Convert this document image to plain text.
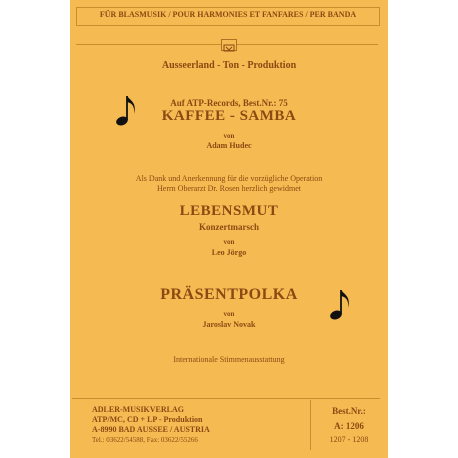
FÜR BLASMUSIK / POUR HARMONIES ET FANFARES / PER BANDA
Ausseerland - Ton - Produktion
Auf ATP-Records, Best.Nr.: 75
KAFFEE - SAMBA
von
Adam Hudec
Als Dank und Anerkennung für die vorzügliche Operation
Herrn Oberarzt Dr. Rosen herzlich gewidmet
LEBENSMUT
Konzertmarsch
von
Leo Jörgo
PRÄSENTPOLKA
von
Jaroslav Novak
Internationale Stimmenausstattung
ADLER-MUSIKVERLAG
ATP/MC, CD + LP - Produktion
A-8990 BAD AUSSEE / AUSTRIA
Tel.: 03622/54588, Fax: 03622/55266
Best.Nr.:
A: 1206
1207 - 1208
